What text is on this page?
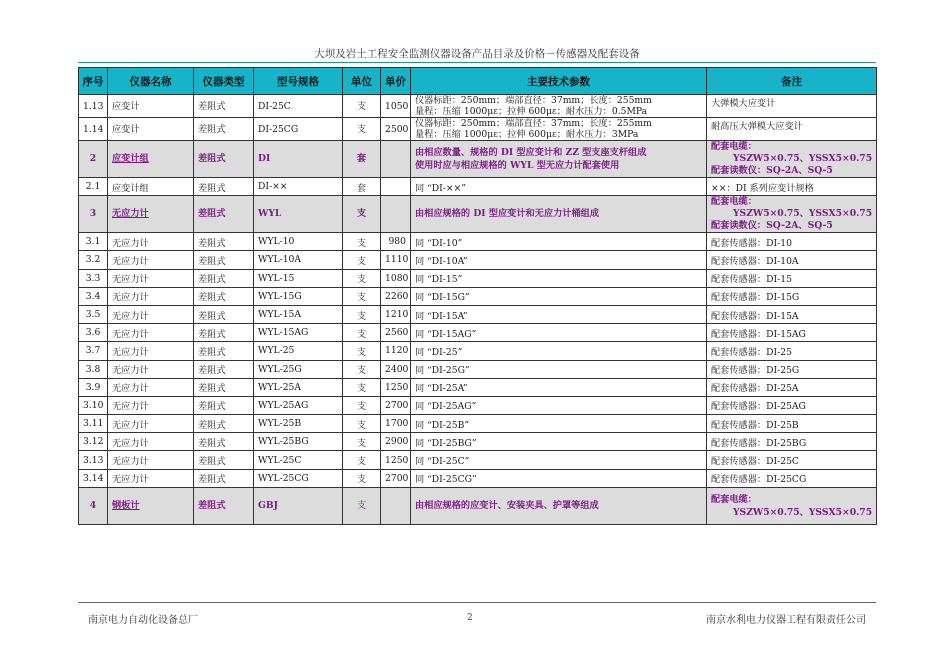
大坝及岩土工程安全监测仪器设备产品目录及价格－传感器及配套设备
序号	仪器名称	仪器类型	型号规格	单位	单价	主要技术参数	备注
1.13	应变计	差阻式	DI-25C	支	1050	仪器标距：250mm；端部直径：37mm；长度：255mm
量程：压缩 1000με；拉伸 600με；耐水压力：0.5MPa	大弹模大应变计
1.14	应变计	差阻式	DI-25CG	支	2500	仪器标距：250mm；端部直径：37mm；长度：255mm
量程：压缩 1000με；拉伸 600με；耐水压力：3MPa	耐高压大弹模大应变计
2	应变计组	差阻式	DI	套		由相应数量、规格的 DI 型应变计和 ZZ 型支座支杆组成
使用时应与相应规格的 WYL 型无应力计配套使用	配套电缆：
YSZW5×0.75、YSSX5×0.75
配套读数仪：SQ-2A、SQ-5

2.1	应变计组	差阻式	DI-××	套		同 “DI-××”	××：DI 系列应变计规格
3	无应力计	差阻式	WYL	支		由相应规格的 DI 型应变计和无应力计桶组成	配套电缆：
YSZW5×0.75、YSSX5×0.75
配套读数仪：SQ-2A、SQ-5

3.1	无应力计	差阻式	WYL-10	支	980	同 “DI-10”	配套传感器：DI-10
3.2	无应力计	差阻式	WYL-10A	支	1110	同 “DI-10A”	配套传感器：DI-10A
3.3	无应力计	差阻式	WYL-15	支	1080	同 “DI-15”	配套传感器：DI-15
3.4	无应力计	差阻式	WYL-15G	支	2260	同 “DI-15G”	配套传感器：DI-15G
3.5	无应力计	差阻式	WYL-15A	支	1210	同 “DI-15A”	配套传感器：DI-15A
3.6	无应力计	差阻式	WYL-15AG	支	2560	同 “DI-15AG”	配套传感器：DI-15AG
3.7	无应力计	差阻式	WYL-25	支	1120	同 “DI-25”	配套传感器：DI-25
3.8	无应力计	差阻式	WYL-25G	支	2400	同 “DI-25G”	配套传感器：DI-25G
3.9	无应力计	差阻式	WYL-25A	支	1250	同 “DI-25A”	配套传感器：DI-25A
3.10	无应力计	差阻式	WYL-25AG	支	2700	同 “DI-25AG”	配套传感器：DI-25AG
3.11	无应力计	差阻式	WYL-25B	支	1700	同 “DI-25B”	配套传感器：DI-25B
3.12	无应力计	差阻式	WYL-25BG	支	2900	同 “DI-25BG”	配套传感器：DI-25BG
3.13	无应力计	差阻式	WYL-25C	支	1250	同 “DI-25C”	配套传感器：DI-25C
3.14	无应力计	差阻式	WYL-25CG	支	2700	同 “DI-25CG”	配套传感器：DI-25CG
4	钢板计	差阻式	GBJ	支		由相应规格的应变计、安装夹具、护罩等组成	配套电缆：
YSZW5×0.75、YSSX5×0.75
南京电力自动化设备总厂	2	南京水利电力仪器工程有限责任公司
